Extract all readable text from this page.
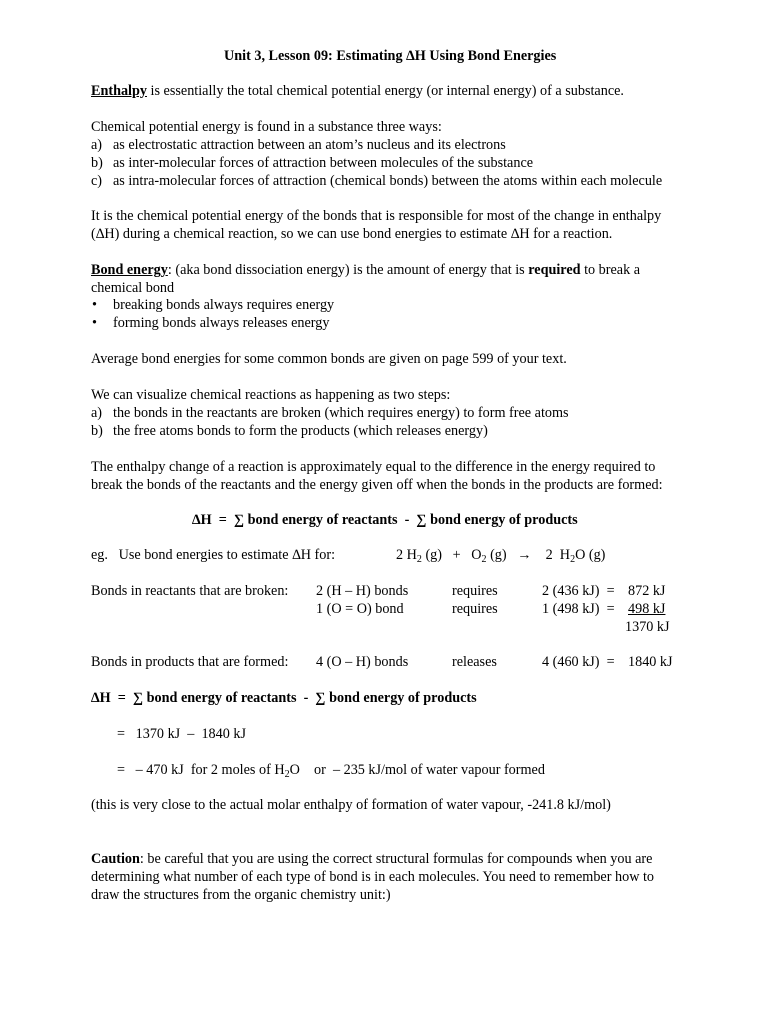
Unit 3, Lesson 09: Estimating ∆H Using Bond Energies
Enthalpy is essentially the total chemical potential energy (or internal energy) of a substance.
Chemical potential energy is found in a substance three ways:
a) as electrostatic attraction between an atom’s nucleus and its electrons
b) as inter-molecular forces of attraction between molecules of the substance
c) as intra-molecular forces of attraction (chemical bonds) between the atoms within each molecule
It is the chemical potential energy of the bonds that is responsible for most of the change in enthalpy
(∆H) during a chemical reaction, so we can use bond energies to estimate ∆H for a reaction.
Bond energy: (aka bond dissociation energy) is the amount of energy that is required to break a
chemical bond
• breaking bonds always requires energy
• forming bonds always releases energy
Average bond energies for some common bonds are given on page 599 of your text.
We can visualize chemical reactions as happening as two steps:
a) the bonds in the reactants are broken (which requires energy) to form free atoms
b) the free atoms bonds to form the products (which releases energy)
The enthalpy change of a reaction is approximately equal to the difference in the energy required to
break the bonds of the reactants and the energy given off when the bonds in the products are formed:
∆H  =  ∑ bond energy of reactants  -  ∑ bond energy of products
eg.   Use bond energies to estimate ∆H for:	2 $H_2$ $(g) + O_2$ (g)   →    2  $H_2O$ (g)
Bonds in reactants that are broken: 2 (H – H) bonds	requires	2 (436 kJ)  = 872 kJ
1 (O = O) bond	requires	1 (498 kJ)  = 498 kJ
1370 kJ
Bonds in products that are formed: 4 (O – H) bonds	releases	4 (460 kJ)  = 1840 kJ
∆H  =  ∑ bond energy of reactants  -  ∑ bond energy of products
=   1370 kJ  –  1840 kJ
=   – 470 kJ  for 2 moles of $H_2O$    or  – 235 kJ/mol of water vapour formed
(this is very close to the actual molar enthalpy of formation of water vapour, -241.8 kJ/mol)
Caution: be careful that you are using the correct structural formulas for compounds when you are
determining what number of each type of bond is in each molecules. You need to remember how to
draw the structures from the organic chemistry unit:)
